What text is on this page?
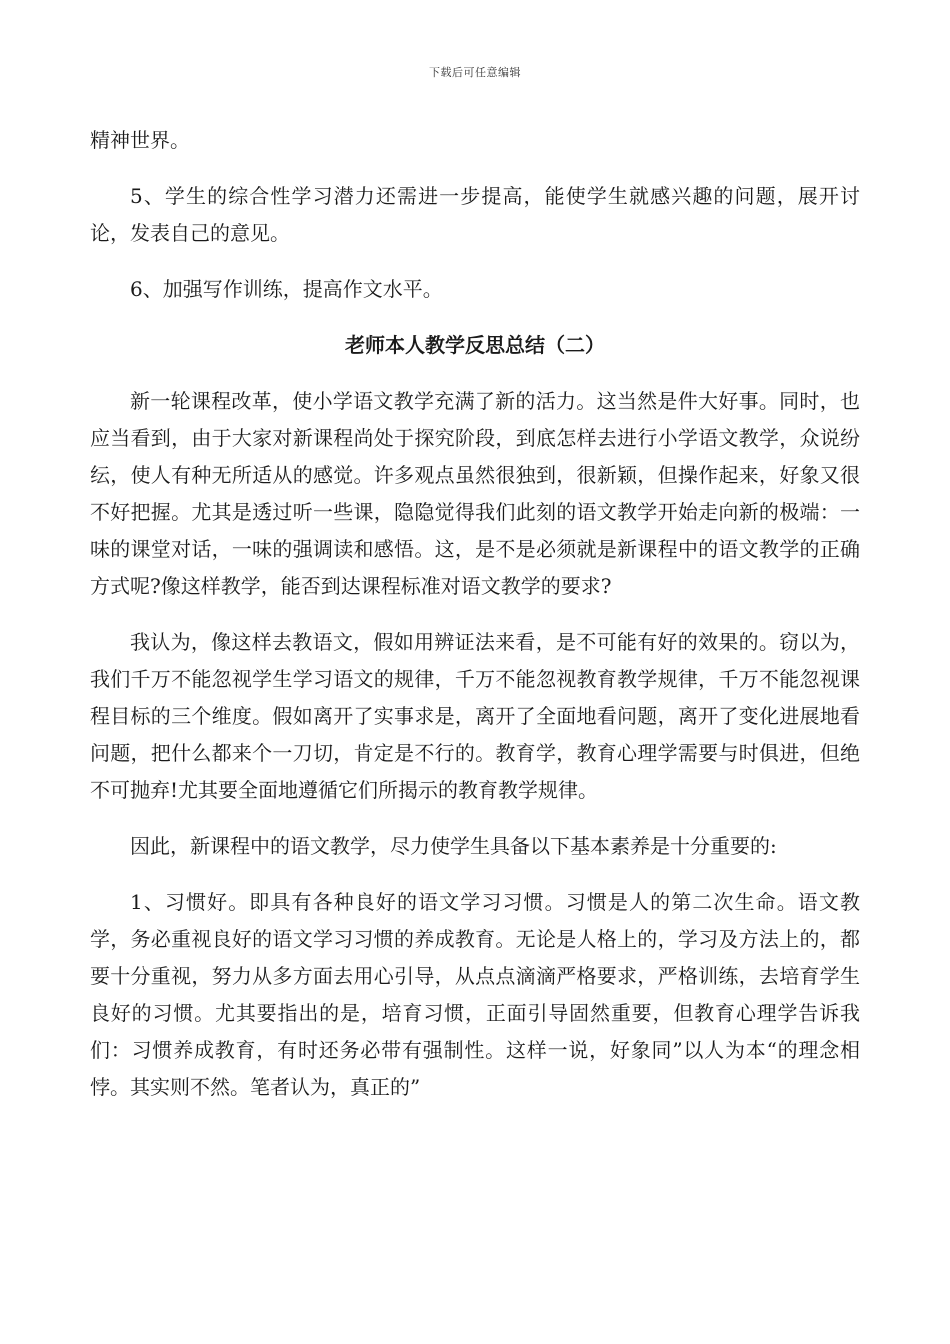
下载后可任意编辑

精神世界。

5、学生的综合性学习潜力还需进一步提高，能使学生就感兴趣的问题，展开讨论，发表自己的意见。

6、加强写作训练，提高作文水平。

老师本人教学反思总结（二）

新一轮课程改革，使小学语文教学充满了新的活力。这当然是件大好事。同时，也应当看到，由于大家对新课程尚处于探究阶段，到底怎样去进行小学语文教学，众说纷纭，使人有种无所适从的感觉。许多观点虽然很独到，很新颖，但操作起来，好象又很不好把握。尤其是透过听一些课，隐隐觉得我们此刻的语文教学开始走向新的极端：一味的课堂对话，一味的强调读和感悟。这，是不是必须就是新课程中的语文教学的正确方式呢?像这样教学，能否到达课程标准对语文教学的要求?

我认为，像这样去教语文，假如用辨证法来看，是不可能有好的效果的。窃以为，我们千万不能忽视学生学习语文的规律，千万不能忽视教育教学规律，千万不能忽视课程目标的三个维度。假如离开了实事求是，离开了全面地看问题，离开了变化进展地看问题，把什么都来个一刀切，肯定是不行的。教育学，教育心理学需要与时俱进，但绝不可抛弃!尤其要全面地遵循它们所揭示的教育教学规律。

因此，新课程中的语文教学，尽力使学生具备以下基本素养是十分重要的:

1、习惯好。即具有各种良好的语文学习习惯。习惯是人的第二次生命。语文教学，务必重视良好的语文学习习惯的养成教育。无论是人格上的，学习及方法上的，都要十分重视，努力从多方面去用心引导，从点点滴滴严格要求，严格训练，去培育学生良好的习惯。尤其要指出的是，培育习惯，正面引导固然重要，但教育心理学告诉我们：习惯养成教育，有时还务必带有强制性。这样一说，好象同”以人为本“的理念相悖。其实则不然。笔者认为，真正的”
